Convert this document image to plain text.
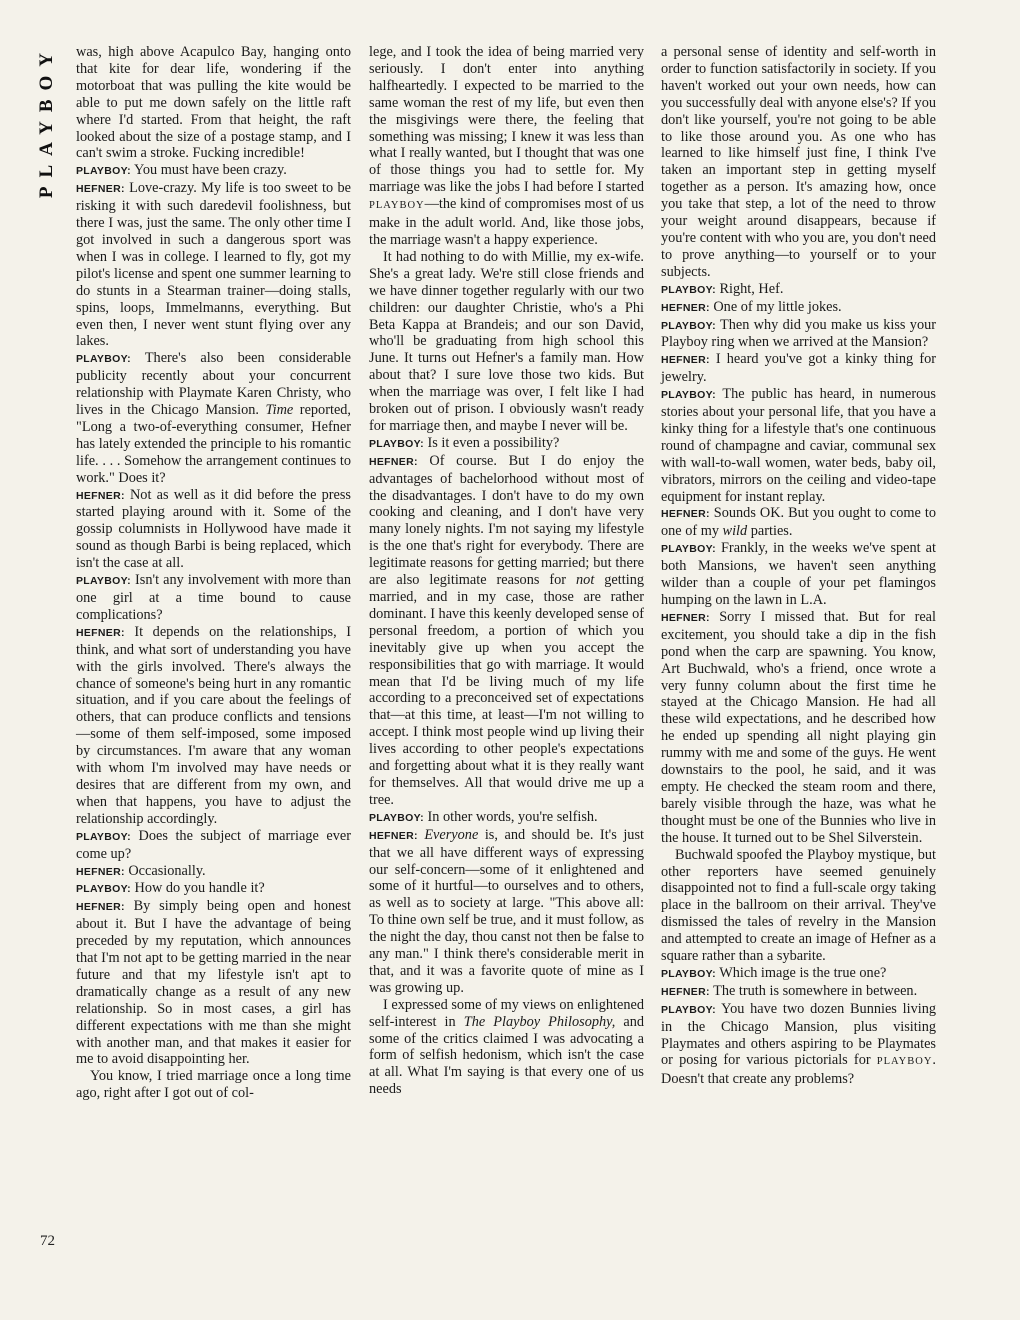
PLAYBOY
72

was, high above Acapulco Bay, hanging onto that kite for dear life, wondering if the motorboat that was pulling the kite would be able to put me down safely on the little raft where I'd started. From that height, the raft looked about the size of a postage stamp, and I can't swim a stroke. Fucking incredible!

PLAYBOY: You must have been crazy.

HEFNER: Love-crazy. My life is too sweet to be risking it with such daredevil foolishness, but there I was, just the same. The only other time I got involved in such a dangerous sport was when I was in college. I learned to fly, got my pilot's license and spent one summer learning to do stunts in a Stearman trainer—doing stalls, spins, loops, Immelmanns, everything. But even then, I never went stunt flying over any lakes.

PLAYBOY: There's also been considerable publicity recently about your concurrent relationship with Playmate Karen Christy, who lives in the Chicago Mansion. Time reported, "Long a two-of-everything consumer, Hefner has lately extended the principle to his romantic life. . . . Somehow the arrangement continues to work." Does it?

HEFNER: Not as well as it did before the press started playing around with it. Some of the gossip columnists in Hollywood have made it sound as though Barbi is being replaced, which isn't the case at all.

PLAYBOY: Isn't any involvement with more than one girl at a time bound to cause complications?

HEFNER: It depends on the relationships, I think, and what sort of understanding you have with the girls involved. There's always the chance of someone's being hurt in any romantic situation, and if you care about the feelings of others, that can produce conflicts and tensions—some of them self-imposed, some imposed by circumstances. I'm aware that any woman with whom I'm involved may have needs or desires that are different from my own, and when that happens, you have to adjust the relationship accordingly.

PLAYBOY: Does the subject of marriage ever come up?

HEFNER: Occasionally.

PLAYBOY: How do you handle it?

HEFNER: By simply being open and honest about it. But I have the advantage of being preceded by my reputation, which announces that I'm not apt to be getting married in the near future and that my lifestyle isn't apt to dramatically change as a result of any new relationship. So in most cases, a girl has different expectations with me than she might with another man, and that makes it easier for me to avoid disappointing her.

You know, I tried marriage once a long time ago, right after I got out of col-

lege, and I took the idea of being married very seriously. I don't enter into anything halfheartedly. I expected to be married to the same woman the rest of my life, but even then the misgivings were there, the feeling that something was missing; I knew it was less than what I really wanted, but I thought that was one of those things you had to settle for. My marriage was like the jobs I had before I started PLAYBOY—the kind of compromises most of us make in the adult world. And, like those jobs, the marriage wasn't a happy experience.

It had nothing to do with Millie, my ex-wife. She's a great lady. We're still close friends and we have dinner together regularly with our two children: our daughter Christie, who's a Phi Beta Kappa at Brandeis; and our son David, who'll be graduating from high school this June. It turns out Hefner's a family man. How about that? I sure love those two kids. But when the marriage was over, I felt like I had broken out of prison. I obviously wasn't ready for marriage then, and maybe I never will be.

PLAYBOY: Is it even a possibility?

HEFNER: Of course. But I do enjoy the advantages of bachelorhood without most of the disadvantages. I don't have to do my own cooking and cleaning, and I don't have very many lonely nights. I'm not saying my lifestyle is the one that's right for everybody. There are legitimate reasons for getting married; but there are also legitimate reasons for not getting married, and in my case, those are rather dominant. I have this keenly developed sense of personal freedom, a portion of which you inevitably give up when you accept the responsibilities that go with marriage. It would mean that I'd be living much of my life according to a preconceived set of expectations that—at this time, at least—I'm not willing to accept. I think most people wind up living their lives according to other people's expectations and forgetting about what it is they really want for themselves. All that would drive me up a tree.

PLAYBOY: In other words, you're selfish.

HEFNER: Everyone is, and should be. It's just that we all have different ways of expressing our self-concern—some of it enlightened and some of it hurtful—to ourselves and to others, as well as to society at large. "This above all: To thine own self be true, and it must follow, as the night the day, thou canst not then be false to any man." I think there's considerable merit in that, and it was a favorite quote of mine as I was growing up.

I expressed some of my views on enlightened self-interest in The Playboy Philosophy, and some of the critics claimed I was advocating a form of selfish hedonism, which isn't the case at all. What I'm saying is that every one of us needs

a personal sense of identity and self-worth in order to function satisfactorily in society. If you haven't worked out your own needs, how can you successfully deal with anyone else's? If you don't like yourself, you're not going to be able to like those around you. As one who has learned to like himself just fine, I think I've taken an important step in getting myself together as a person. It's amazing how, once you take that step, a lot of the need to throw your weight around disappears, because if you're content with who you are, you don't need to prove anything—to yourself or to your subjects.

PLAYBOY: Right, Hef.

HEFNER: One of my little jokes.

PLAYBOY: Then why did you make us kiss your Playboy ring when we arrived at the Mansion?

HEFNER: I heard you've got a kinky thing for jewelry.

PLAYBOY: The public has heard, in numerous stories about your personal life, that you have a kinky thing for a lifestyle that's one continuous round of champagne and caviar, communal sex with wall-to-wall women, water beds, baby oil, vibrators, mirrors on the ceiling and video-tape equipment for instant replay.

HEFNER: Sounds OK. But you ought to come to one of my wild parties.

PLAYBOY: Frankly, in the weeks we've spent at both Mansions, we haven't seen anything wilder than a couple of your pet flamingos humping on the lawn in L.A.

HEFNER: Sorry I missed that. But for real excitement, you should take a dip in the fish pond when the carp are spawning. You know, Art Buchwald, who's a friend, once wrote a very funny column about the first time he stayed at the Chicago Mansion. He had all these wild expectations, and he described how he ended up spending all night playing gin rummy with me and some of the guys. He went downstairs to the pool, he said, and it was empty. He checked the steam room and there, barely visible through the haze, was what he thought must be one of the Bunnies who live in the house. It turned out to be Shel Silverstein.

Buchwald spoofed the Playboy mystique, but other reporters have seemed genuinely disappointed not to find a full-scale orgy taking place in the ballroom on their arrival. They've dismissed the tales of revelry in the Mansion and attempted to create an image of Hefner as a square rather than a sybarite.

PLAYBOY: Which image is the true one?

HEFNER: The truth is somewhere in between.

PLAYBOY: You have two dozen Bunnies living in the Chicago Mansion, plus visiting Playmates and others aspiring to be Playmates or posing for various pictorials for PLAYBOY. Doesn't that create any problems?
